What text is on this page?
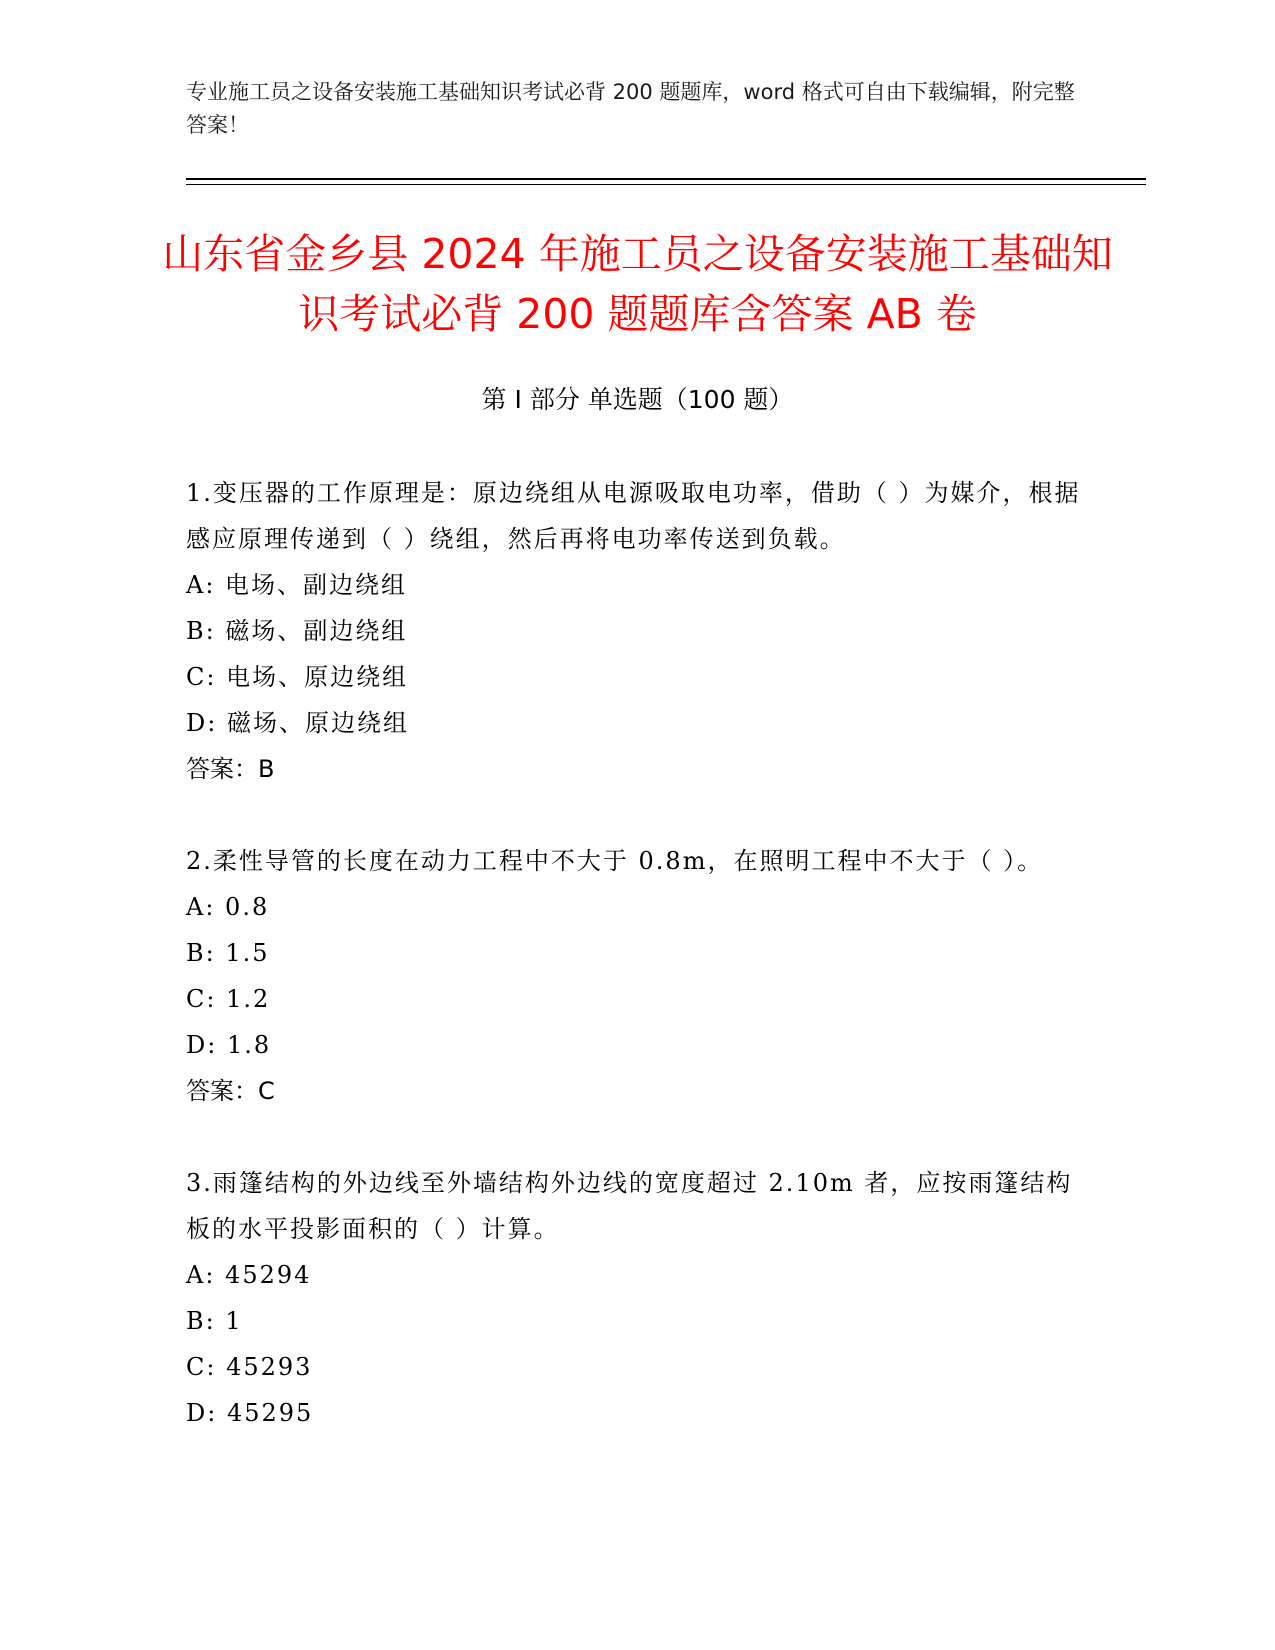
专业施工员之设备安装施工基础知识考试必背 200 题题库，word 格式可自由下载编辑，附完整答案！

山东省金乡县 2024 年施工员之设备安装施工基础知识考试必背 200 题题库含答案 AB 卷
第 I 部分 单选题（100 题）

1.变压器的工作原理是：原边绕组从电源吸取电功率，借助（ ）为媒介，根据感应原理传递到（ ）绕组，然后再将电功率传送到负载。

A: 电场、副边绕组

B: 磁场、副边绕组

C: 电场、原边绕组

D: 磁场、原边绕组

答案：B

2.柔性导管的长度在动力工程中不大于 0.8m，在照明工程中不大于（ ）。

A: 0.8

B: 1.5

C: 1.2

D: 1.8

答案：C

3.雨篷结构的外边线至外墙结构外边线的宽度超过 2.10m 者，应按雨篷结构板的水平投影面积的（ ）计算。

A: 45294

B: 1

C: 45293

D: 45295
